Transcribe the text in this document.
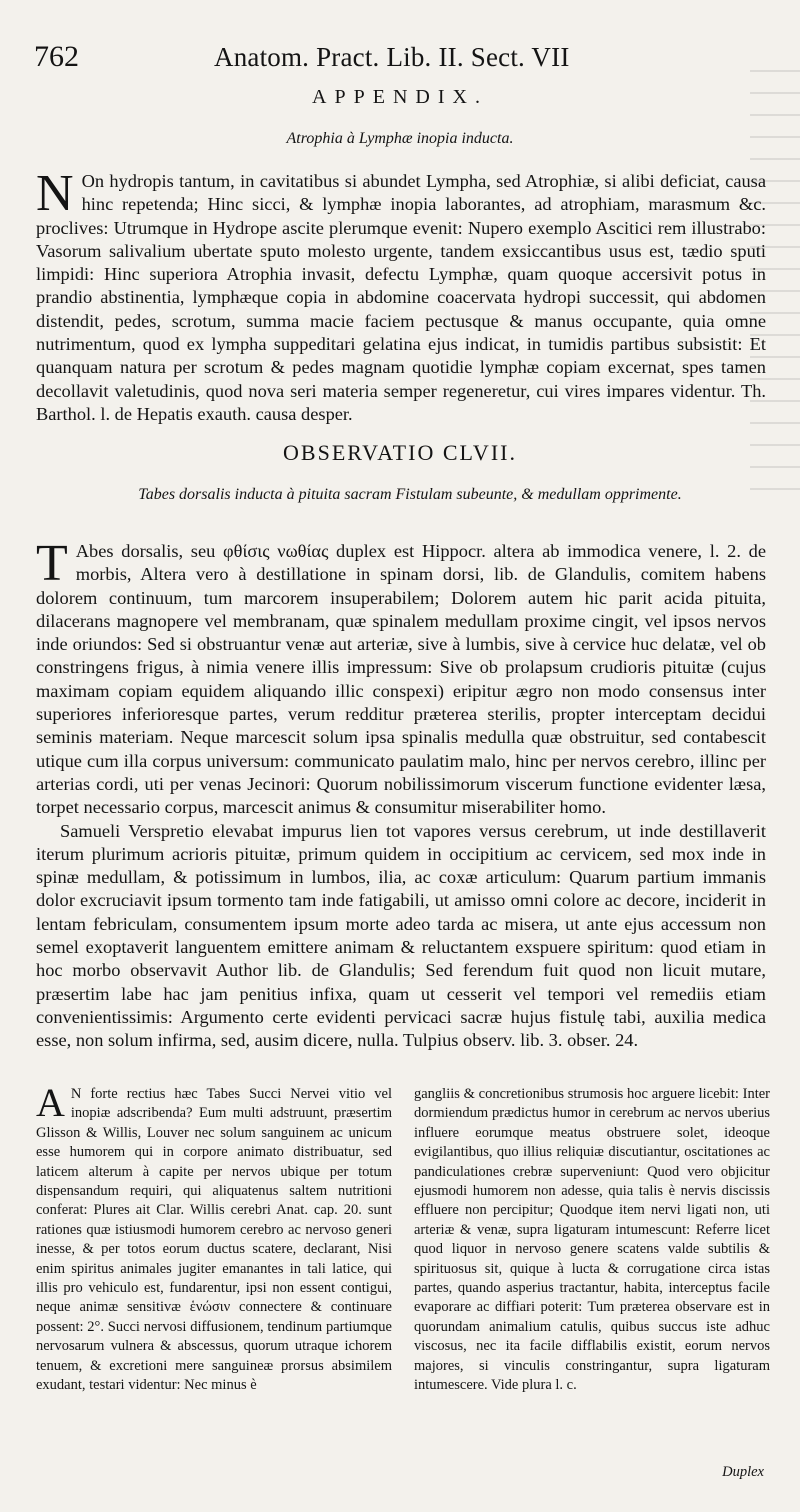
762	Anatom. Pract. Lib. II. Sect. VII
APPENDIX.
Atrophia à Lymphæ inopia inducta.

N On hydropis tantum, in cavitatibus si abundet Lympha, sed Atrophiæ, si alibi deficiat, causa hinc repetenda; Hinc sicci, & lymphæ inopia laborantes, ad atrophiam, marasmum &c. proclives: Utrumque in Hydrope ascite plerumque evenit: Nupero exemplo Ascitici rem illustrabo: Vasorum salivalium ubertate sputo molesto urgente, tandem exsiccantibus usus est, tædio sputi limpidi: Hinc superiora Atrophia invasit, defectu Lymphæ, quam quoque accersivit potus in prandio abstinentia, lymphæque copia in abdomine coacervata hydropi successit, qui abdomen distendit, pedes, scrotum, summa macie faciem pectusque & manus occupante, quia omne nutrimentum, quod ex lympha suppeditari gelatina ejus indicat, in tumidis partibus subsistit: Et quanquam natura per scrotum & pedes magnam quotidie lymphæ copiam excernat, spes tamen decollavit valetudinis, quod nova seri materia semper regeneretur, cui vires impares videntur. Th. Barthol. l. de Hepatis exauth. causa desper.

OBSERVATIO CLVII.
Tabes dorsalis inducta à pituita sacram Fistulam subeunte, & medullam opprimente.

T Abes dorsalis, seu φθίσις νωθίας duplex est Hippocr. altera ab immodica venere, l. 2. de morbis, Altera vero à destillatione in spinam dorsi, lib. de Glandulis, comitem habens dolorem continuum, tum marcorem insuperabilem; Dolorem autem hic parit acida pituita, dilacerans magnopere vel membranam, quæ spinalem medullam proxime cingit, vel ipsos nervos inde oriundos: Sed si obstruantur venæ aut arteriæ, sive à lumbis, sive à cervice huc delatæ, vel ob constringens frigus, à nimia venere illis impressum: Sive ob prolapsum crudioris pituitæ (cujus maximam copiam equidem aliquando illic conspexi) eripitur ægro non modo consensus inter superiores inferioresque partes, verum redditur præterea sterilis, propter interceptam decidui seminis materiam. Neque marcescit solum ipsa spinalis medulla quæ obstruitur, sed contabescit utique cum illa corpus universum: communicato paulatim malo, hinc per nervos cerebro, illinc per arterias cordi, uti per venas Jecinori: Quorum nobilissimorum viscerum functione evidenter læsa, torpet necessario corpus, marcescit animus & consumitur miserabiliter homo.

Samueli Verspretio elevabat impurus lien tot vapores versus cerebrum, ut inde destillaverit iterum plurimum acrioris pituitæ, primum quidem in occipitium ac cervicem, sed mox inde in spinæ medullam, & potissimum in lumbos, ilia, ac coxæ articulum: Quarum partium immanis dolor excruciavit ipsum tormento tam inde fatigabili, ut amisso omni colore ac decore, inciderit in lentam febriculam, consumentem ipsum morte adeo tarda ac misera, ut ante ejus accessum non semel exoptaverit languentem emittere animam & reluctantem exspuere spiritum: quod etiam in hoc morbo observavit Author lib. de Glandulis; Sed ferendum fuit quod non licuit mutare, præsertim labe hac jam penitius infixa, quam ut cesserit vel tempori vel remediis etiam convenientissimis: Argumento certe evidenti pervicaci sacræ hujus fistulę tabi, auxilia medica esse, non solum infirma, sed, ausim dicere, nulla. Tulpius observ. lib. 3. obser. 24.

A N forte rectius hæc Tabes Succi Nervei vitio vel inopiæ adscribenda? Eum multi adstruunt, præsertim Glisson & Willis, Louver nec solum sanguinem ac unicum esse humorem qui in corpore animato distribuatur, sed laticem alterum à capite per nervos ubique per totum dispensandum requiri, qui aliquatenus saltem nutritioni conferat: Plures ait Clar. Willis cerebri Anat. cap. 20. sunt rationes quæ istiusmodi humorem cerebro ac nervoso generi inesse, & per totos eorum ductus scatere, declarant, Nisi enim spiritus animales jugiter emanantes in tali latice, qui illis pro vehiculo est, fundarentur, ipsi non essent contigui, neque animæ sensitivæ ἑνώσιν connectere & continuare possent: 2°. Succi nervosi diffusionem, tendinum partiumque nervosarum vulnera & abscessus, quorum utraque ichorem tenuem, & excretioni mere sanguineæ prorsus absimilem exudant, testari videntur: Nec minus è
gangliis & concretionibus strumosis hoc arguere licebit: Inter dormiendum prædictus humor in cerebrum ac nervos uberius influere eorumque meatus obstruere solet, ideoque evigilantibus, quo illius reliquiæ discutiantur, oscitationes ac pandiculationes crebræ superveniunt: Quod vero objicitur ejusmodi humorem non adesse, quia talis è nervis discissis effluere non percipitur; Quodque item nervi ligati non, uti arteriæ & venæ, supra ligaturam intumescunt: Referre licet quod liquor in nervoso genere scatens valde subtilis & spirituosus sit, quique à lucta & corrugatione circa istas partes, quando asperius tractantur, habita, interceptus facile evaporare ac diffiari poterit: Tum præterea observare est in quorundam animalium catulis, quibus succus iste adhuc viscosus, nec ita facile difflabilis existit, eorum nervos majores, si vinculis constringantur, supra ligaturam intumescere. Vide plura l. c.
Duplex
